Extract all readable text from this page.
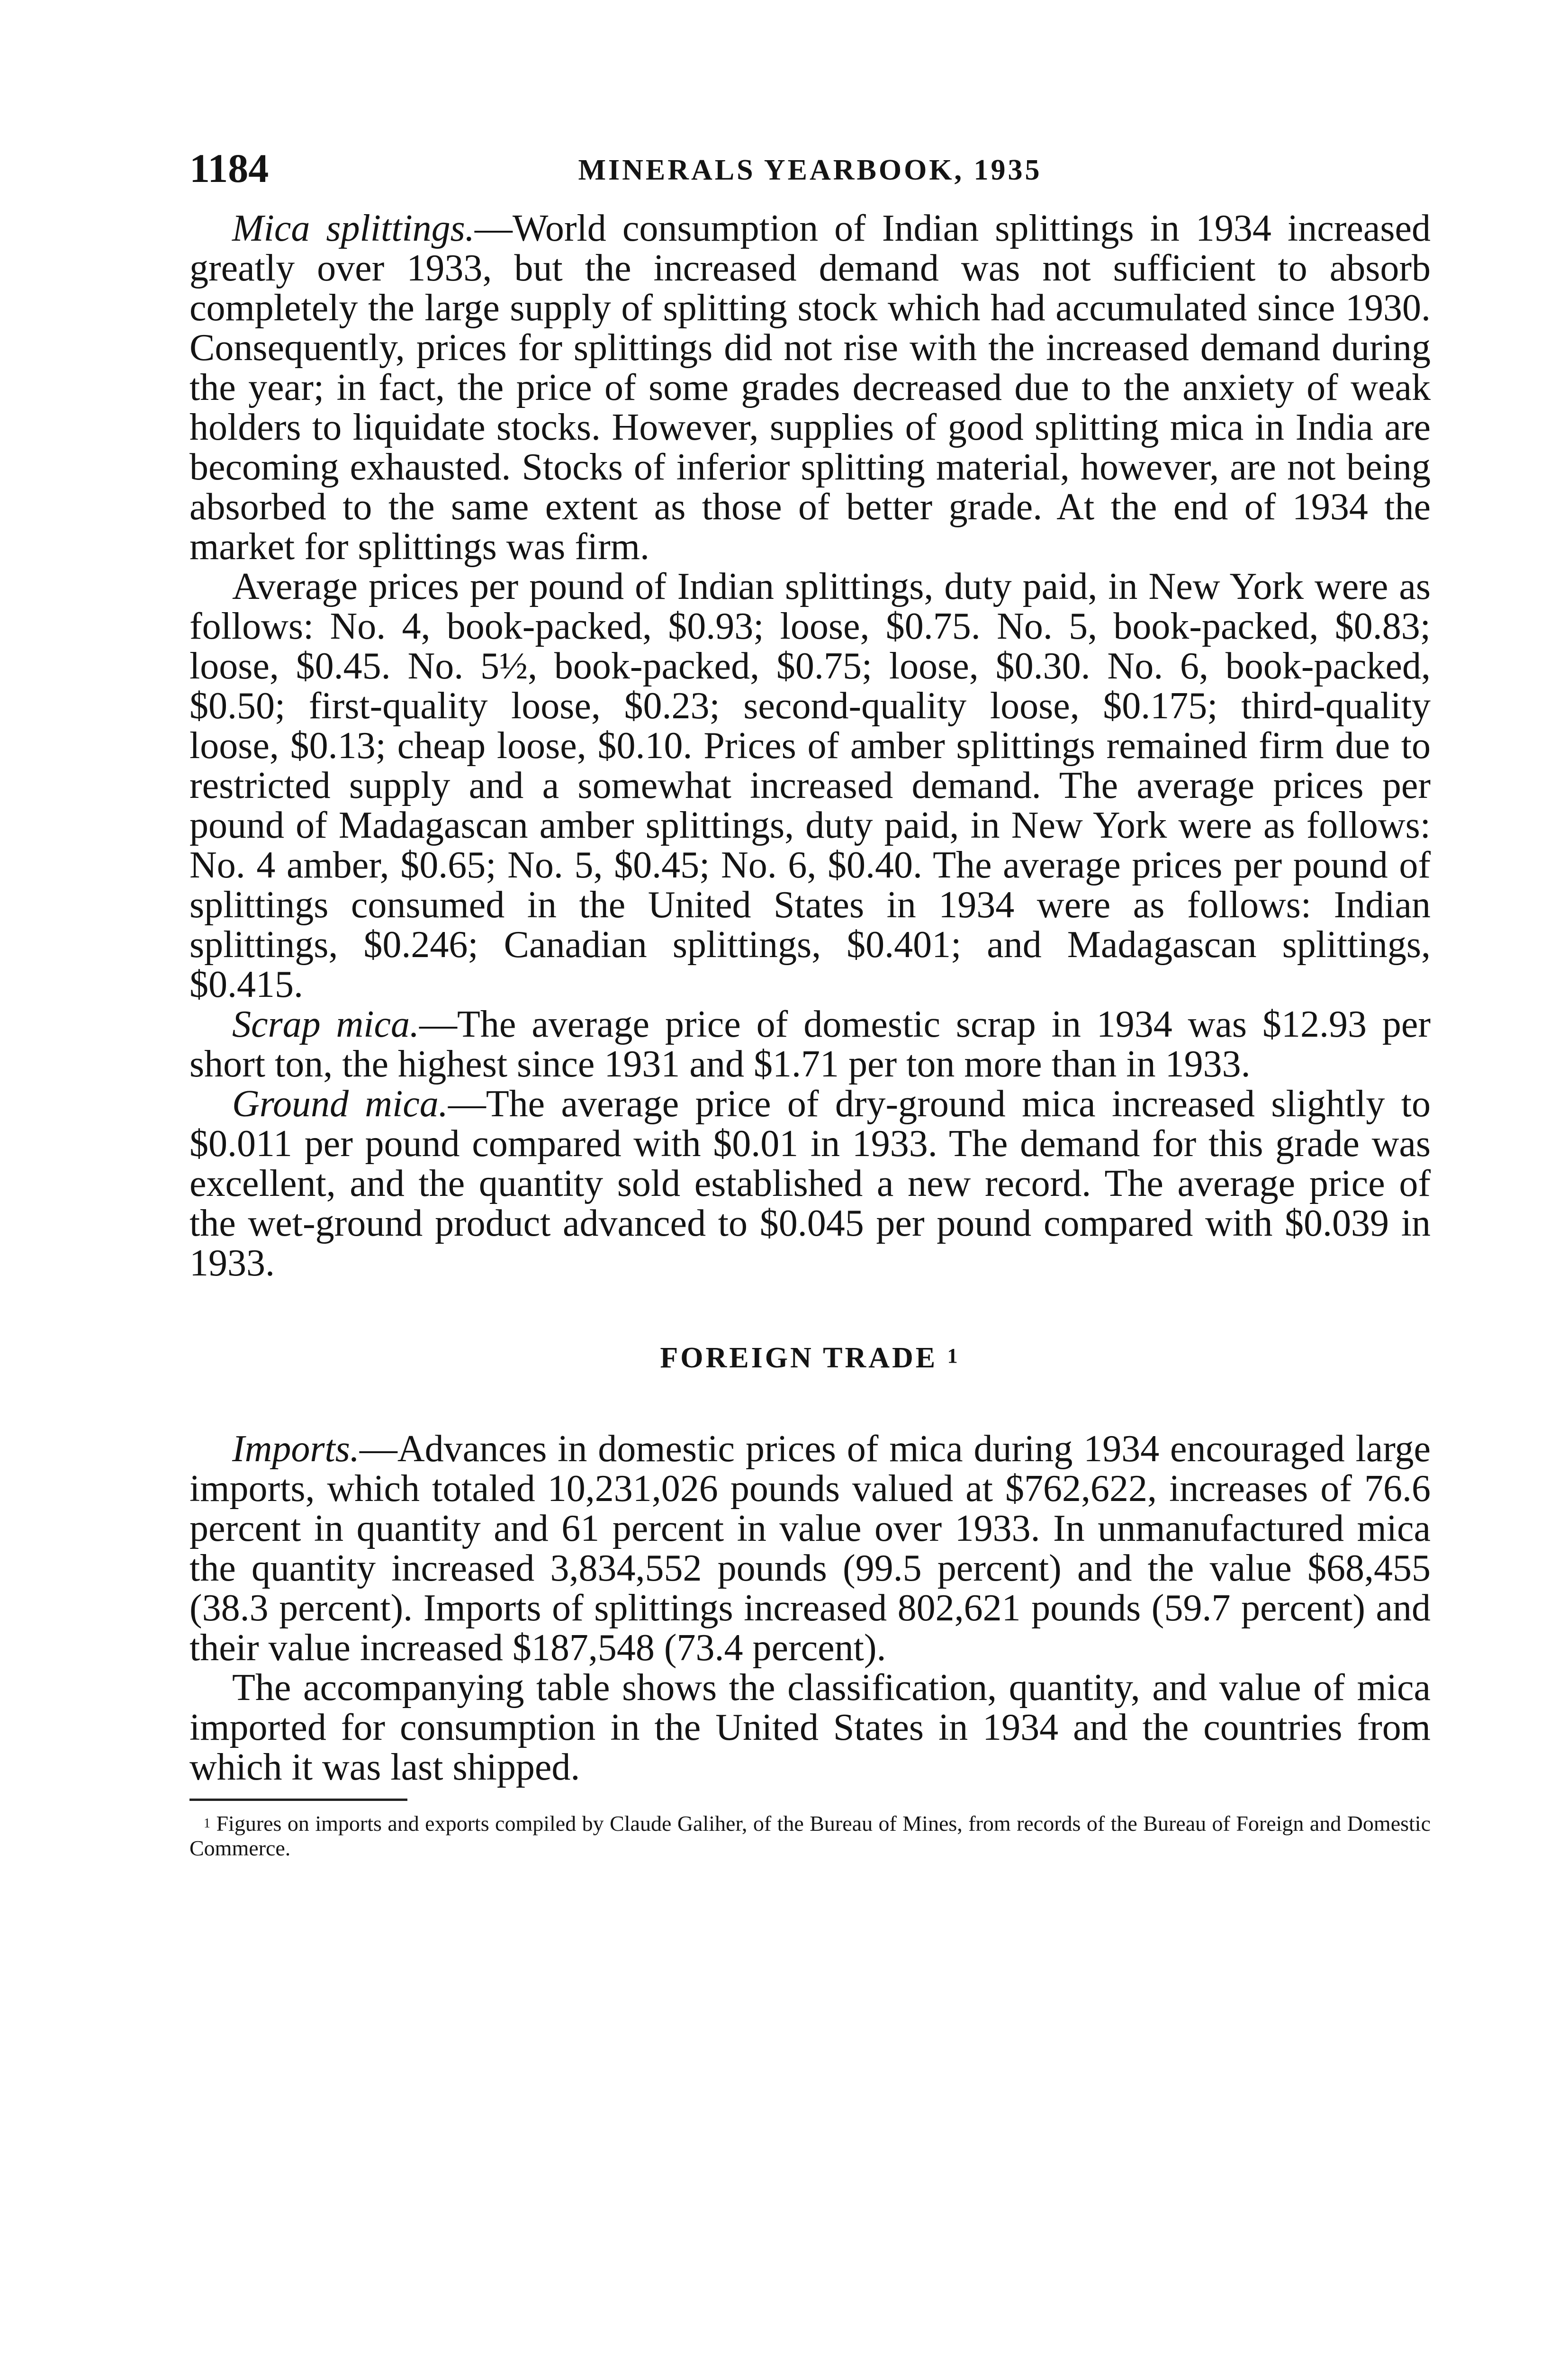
1184	MINERALS YEARBOOK, 1935

Mica splittings.—World consumption of Indian splittings in 1934 increased greatly over 1933, but the increased demand was not sufficient to absorb completely the large supply of splitting stock which had accumulated since 1930. Consequently, prices for splittings did not rise with the increased demand during the year; in fact, the price of some grades decreased due to the anxiety of weak holders to liquidate stocks. However, supplies of good splitting mica in India are becoming exhausted. Stocks of inferior splitting material, however, are not being absorbed to the same extent as those of better grade. At the end of 1934 the market for splittings was firm.

Average prices per pound of Indian splittings, duty paid, in New York were as follows: No. 4, book-packed, $0.93; loose, $0.75. No. 5, book-packed, $0.83; loose, $0.45. No. 5½, book-packed, $0.75; loose, $0.30. No. 6, book-packed, $0.50; first-quality loose, $0.23; second-quality loose, $0.175; third-quality loose, $0.13; cheap loose, $0.10. Prices of amber splittings remained firm due to restricted supply and a somewhat increased demand. The average prices per pound of Madagascan amber splittings, duty paid, in New York were as follows: No. 4 amber, $0.65; No. 5, $0.45; No. 6, $0.40. The average prices per pound of splittings consumed in the United States in 1934 were as follows: Indian splittings, $0.246; Canadian splittings, $0.401; and Madagascan splittings, $0.415.

Scrap mica.—The average price of domestic scrap in 1934 was $12.93 per short ton, the highest since 1931 and $1.71 per ton more than in 1933.

Ground mica.—The average price of dry-ground mica increased slightly to $0.011 per pound compared with $0.01 in 1933. The demand for this grade was excellent, and the quantity sold established a new record. The average price of the wet-ground product advanced to $0.045 per pound compared with $0.039 in 1933.

FOREIGN TRADE $^1$

Imports.—Advances in domestic prices of mica during 1934 encouraged large imports, which totaled 10,231,026 pounds valued at $762,622, increases of 76.6 percent in quantity and 61 percent in value over 1933. In unmanufactured mica the quantity increased 3,834,552 pounds (99.5 percent) and the value $68,455 (38.3 percent). Imports of splittings increased 802,621 pounds (59.7 percent) and their value increased $187,548 (73.4 percent).

The accompanying table shows the classification, quantity, and value of mica imported for consumption in the United States in 1934 and the countries from which it was last shipped.

$^1$ Figures on imports and exports compiled by Claude Galiher, of the Bureau of Mines, from records of the Bureau of Foreign and Domestic Commerce.
